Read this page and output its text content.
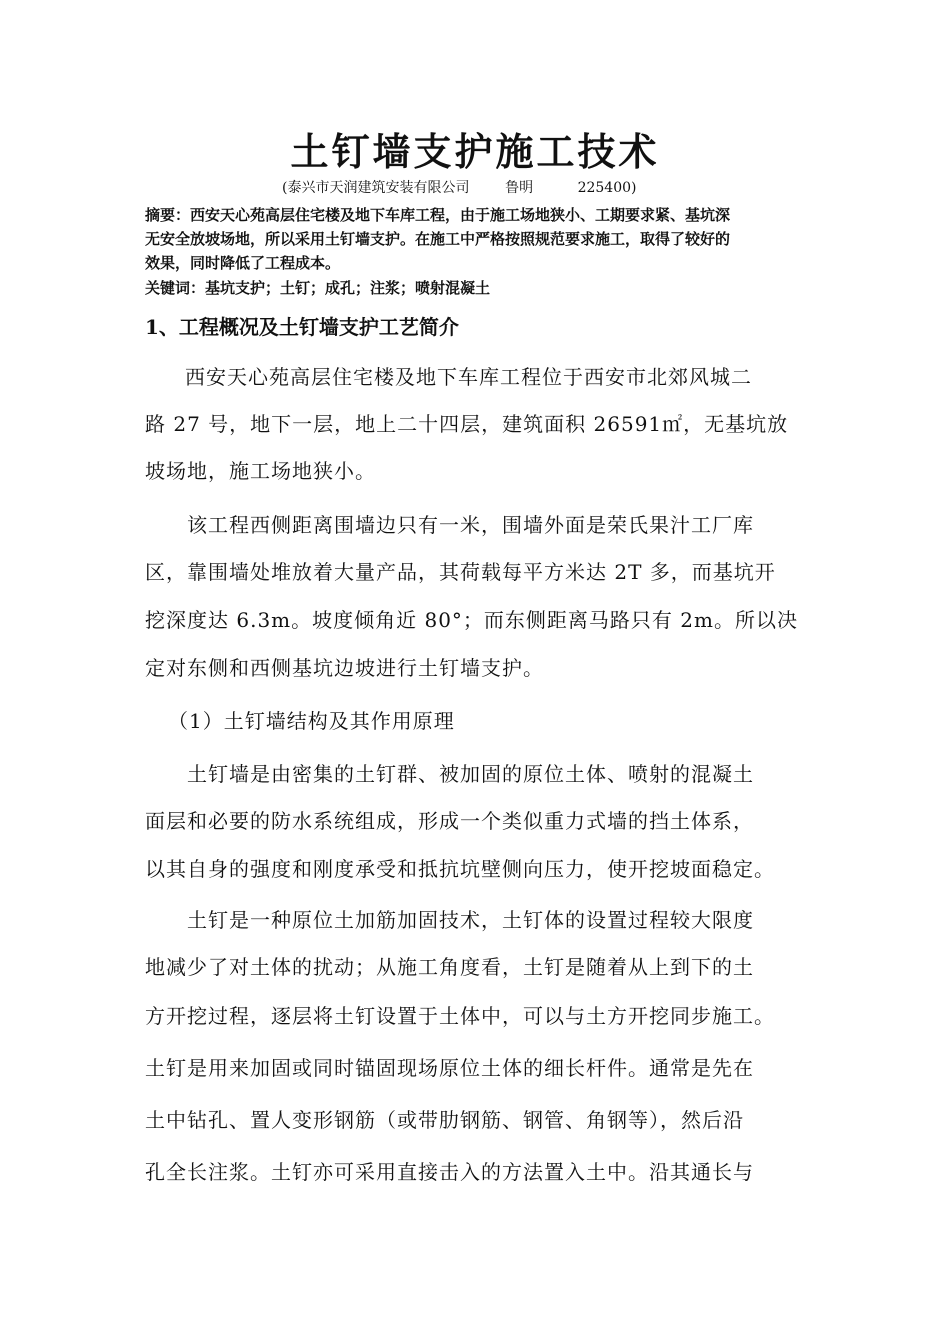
土钉墙支护施工技术
(泰兴市天润建筑安装有限公司        鲁明          225400)

摘要：西安天心苑高层住宅楼及地下车库工程，由于施工场地狭小、工期要求紧、基坑深

无安全放坡场地，所以采用土钉墙支护。在施工中严格按照规范要求施工，取得了较好的

效果，同时降低了工程成本。

关键词：基坑支护；土钉；成孔；注浆；喷射混凝土
1、工程概况及土钉墙支护工艺简介
西安天心苑高层住宅楼及地下车库工程位于西安市北郊风城二
路 27 号，地下一层，地上二十四层，建筑面积 26591㎡，无基坑放
坡场地，施工场地狭小。
该工程西侧距离围墙边只有一米，围墙外面是荣氏果汁工厂库
区，靠围墙处堆放着大量产品，其荷载每平方米达 2T 多，而基坑开
挖深度达 6.3m。坡度倾角近 80°；而东侧距离马路只有 2m。所以决
定对东侧和西侧基坑边坡进行土钉墙支护。
（1）土钉墙结构及其作用原理
土钉墙是由密集的土钉群、被加固的原位土体、喷射的混凝土
面层和必要的防水系统组成，形成一个类似重力式墙的挡土体系，
以其自身的强度和刚度承受和抵抗坑壁侧向压力，使开挖坡面稳定。
土钉是一种原位土加筋加固技术，土钉体的设置过程较大限度
地减少了对土体的扰动；从施工角度看，土钉是随着从上到下的土
方开挖过程，逐层将土钉设置于土体中，可以与土方开挖同步施工。
土钉是用来加固或同时锚固现场原位土体的细长杆件。通常是先在
土中钻孔、置人变形钢筋（或带肋钢筋、钢管、角钢等），然后沿
孔全长注浆。土钉亦可采用直接击入的方法置入土中。沿其通长与
